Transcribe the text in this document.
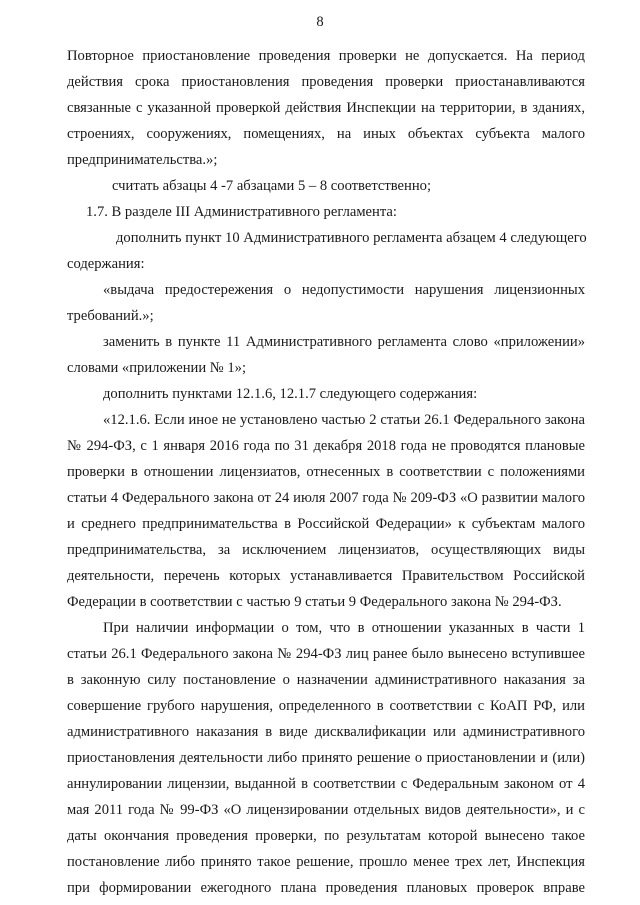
8
Повторное приостановление проведения проверки не допускается. На период
действия срока приостановления проведения проверки приостанавливаются
связанные с указанной проверкой действия Инспекции на территории, в зданиях,
строениях, сооружениях, помещениях, на иных объектах субъекта малого
предпринимательства.»;
считать абзацы 4 -7 абзацами 5 – 8 соответственно;
1.7. В разделе III Административного регламента:
дополнить пункт 10 Административного регламента абзацем 4 следующего
содержания:
«выдача предостережения о недопустимости нарушения лицензионных
требований.»;
заменить в пункте 11 Административного регламента слово «приложении»
словами «приложении № 1»;
дополнить пунктами 12.1.6, 12.1.7 следующего содержания:
«12.1.6. Если иное не установлено частью 2 статьи 26.1 Федерального закона
№ 294-ФЗ, с 1 января 2016 года по 31 декабря 2018 года не проводятся плановые
проверки в отношении лицензиатов, отнесенных в соответствии с положениями
статьи 4 Федерального закона от 24 июля 2007 года № 209-ФЗ «О развитии малого
и среднего предпринимательства в Российской Федерации» к субъектам малого
предпринимательства, за исключением лицензиатов, осуществляющих виды
деятельности, перечень которых устанавливается Правительством Российской
Федерации в соответствии с частью 9 статьи 9 Федерального закона № 294-ФЗ.
При наличии информации о том, что в отношении указанных в части 1
статьи 26.1 Федерального закона № 294-ФЗ лиц ранее было вынесено вступившее
в законную силу постановление о назначении административного наказания за
совершение грубого нарушения, определенного в соответствии с КоАП РФ, или
административного наказания в виде дисквалификации или административного
приостановления деятельности либо принято решение о приостановлении и (или)
аннулировании лицензии, выданной в соответствии с Федеральным законом от 4
мая 2011 года № 99-ФЗ «О лицензировании отдельных видов деятельности», и с
даты окончания проведения проверки, по результатам которой вынесено такое
постановление либо принято такое решение, прошло менее трех лет, Инспекция
при формировании ежегодного плана проведения плановых проверок вправе
